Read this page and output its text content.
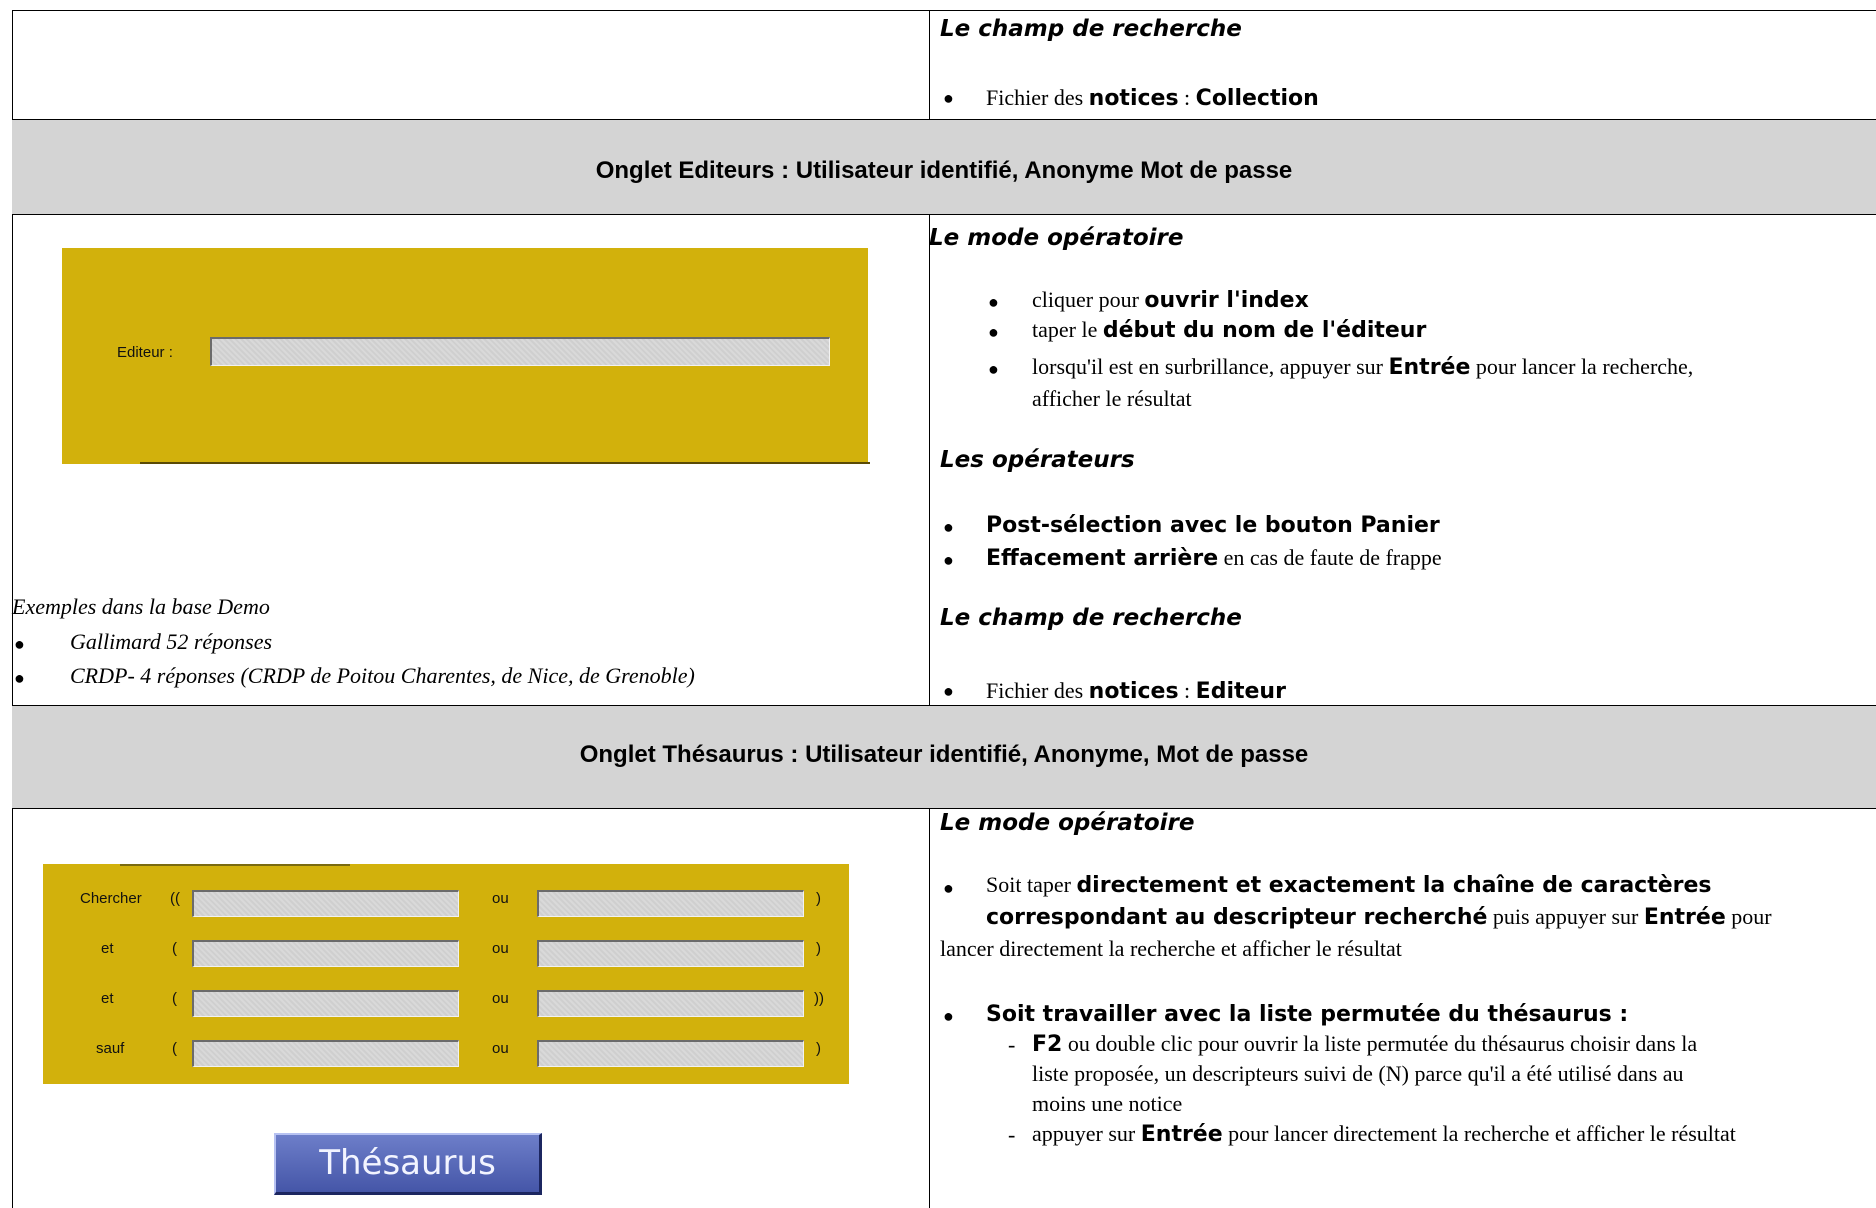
Le champ de recherche
● Fichier des notices : Collection
Onglet Editeurs : Utilisateur identifié, Anonyme Mot de passe
Editeur :
Exemples dans la base Demo
● Gallimard 52 réponses
● CRDP- 4 réponses (CRDP de Poitou Charentes, de Nice, de Grenoble)
Le mode opératoire
● cliquer pour ouvrir l'index
● taper le début du nom de l'éditeur
● lorsqu'il est en surbrillance, appuyer sur Entrée pour lancer la recherche,
afficher le résultat
Les opérateurs
● Post-sélection avec le bouton Panier
● Effacement arrière en cas de faute de frappe
Le champ de recherche
● Fichier des notices : Editeur
Onglet Thésaurus : Utilisateur identifié, Anonyme, Mot de passe
Chercher ((	ou	)
et	(	ou	)
et	(	ou	))
sauf	(	ou	)
Thésaurus
Le mode opératoire
● Soit taper directement et exactement la chaîne de caractères
correspondant au descripteur recherché puis appuyer sur Entrée pour
lancer directement la recherche et afficher le résultat
● Soit travailler avec la liste permutée du thésaurus :
- F2 ou double clic pour ouvrir la liste permutée du thésaurus choisir dans la
liste proposée, un descripteurs suivi de (N) parce qu'il a été utilisé dans au
moins une notice
- appuyer sur Entrée pour lancer directement la recherche et afficher le résultat
